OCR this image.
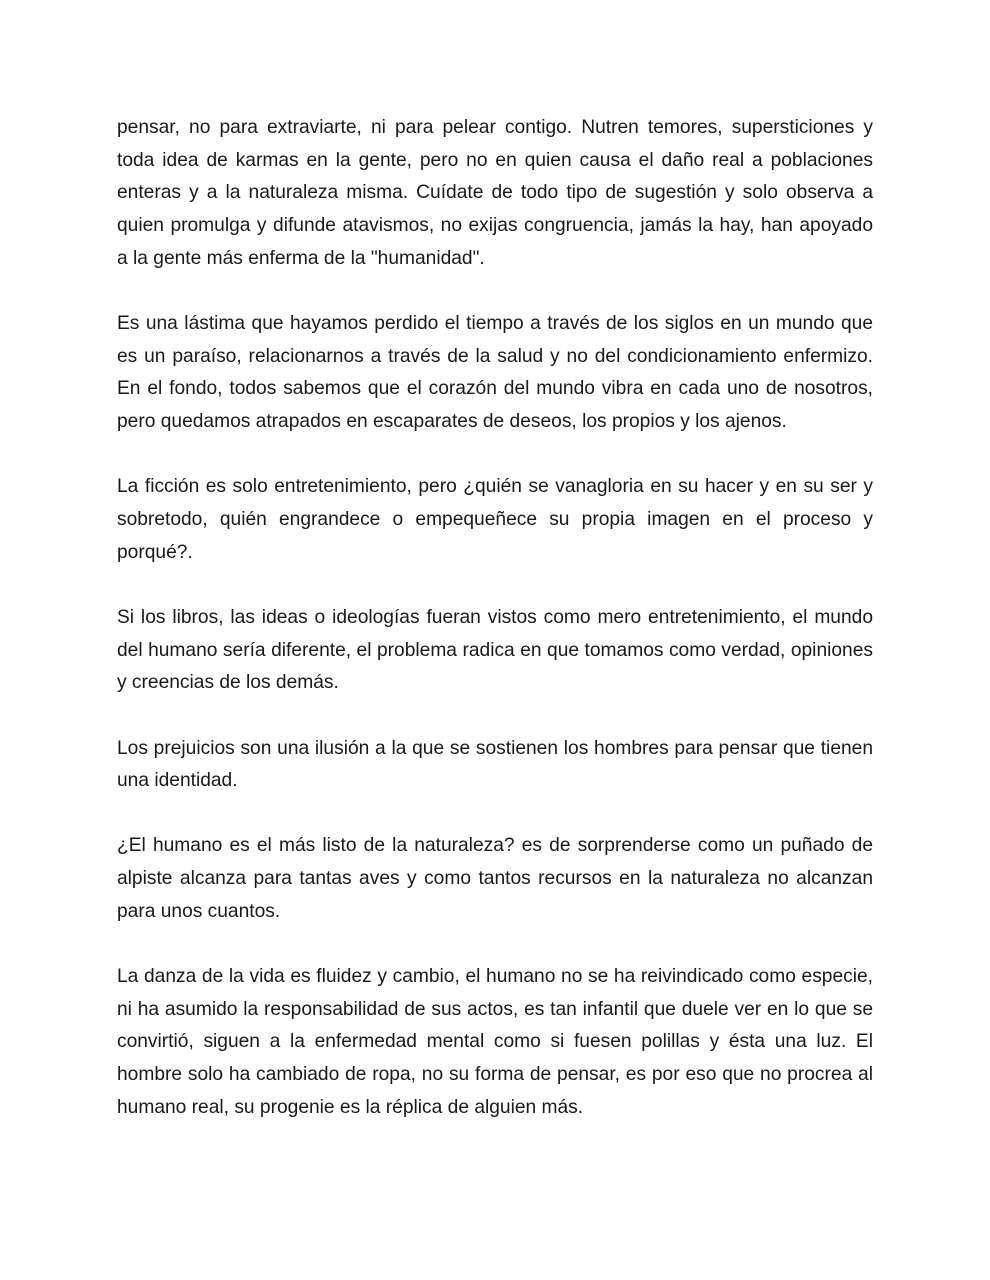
pensar, no para extraviarte, ni para pelear contigo. Nutren temores, supersticiones y toda idea de karmas en la gente, pero no en quien causa el daño real a poblaciones enteras y a la naturaleza misma. Cuídate de todo tipo de sugestión y solo observa a quien promulga y difunde atavismos, no exijas congruencia, jamás la hay, han apoyado a la gente más enferma de la "humanidad".

Es una lástima que hayamos perdido el tiempo a través de los siglos en un mundo que es un paraíso, relacionarnos a través de la salud y no del condicionamiento enfermizo. En el fondo, todos sabemos que el corazón del mundo vibra en cada uno de nosotros, pero quedamos atrapados en escaparates de deseos, los propios y los ajenos.

La ficción es solo entretenimiento, pero ¿quién se vanagloria en su hacer y en su ser y sobretodo, quién engrandece o empequeñece su propia imagen en el proceso y porqué?.

Si los libros, las ideas o ideologías fueran vistos como mero entretenimiento, el mundo del humano sería diferente, el problema radica en que tomamos como verdad, opiniones y creencias de los demás.

Los prejuicios son una ilusión a la que se sostienen los hombres para pensar que tienen una identidad.

¿El humano es el más listo de la naturaleza? es de sorprenderse como un puñado de alpiste alcanza para tantas aves y como tantos recursos en la naturaleza no alcanzan para unos cuantos.

La danza de la vida es fluidez y cambio, el humano no se ha reivindicado como especie, ni ha asumido la responsabilidad de sus actos, es tan infantil que duele ver en lo que se convirtió, siguen a la enfermedad mental como si fuesen polillas y ésta una luz. El hombre solo ha cambiado de ropa, no su forma de pensar, es por eso que no procrea al humano real, su progenie es la réplica de alguien más.
